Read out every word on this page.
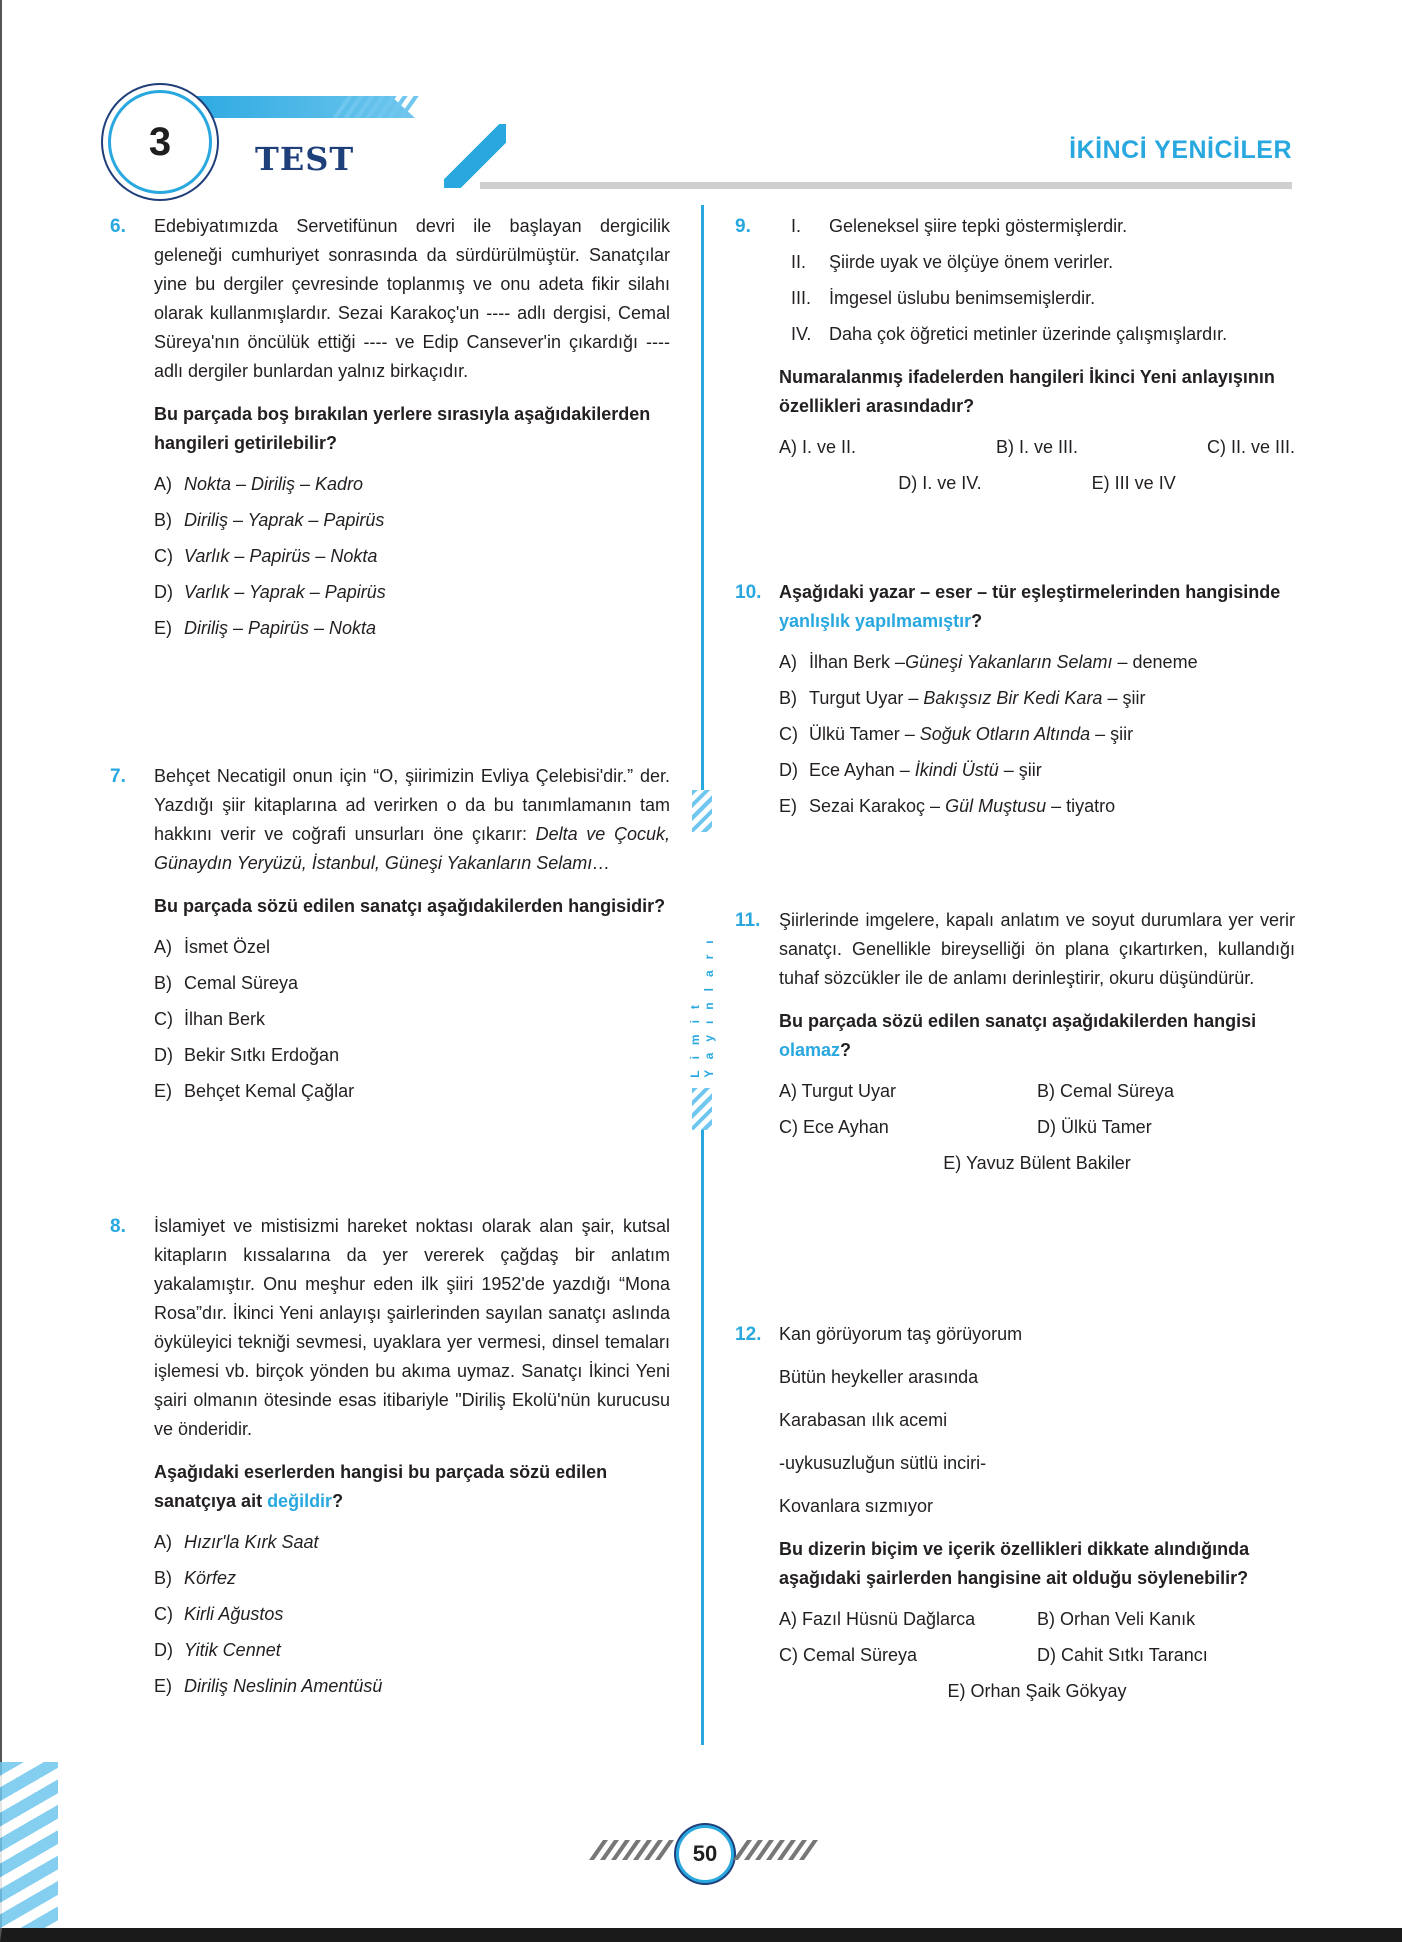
3	TEST	İKİNCİ YENİCİLER
Limit Yayınları
6. Edebiyatımızda Servetifünun devri ile başlayan dergicilik geleneği cumhuriyet sonrasında da sürdürülmüştür. Sanatçılar yine bu dergiler çevresinde toplanmış ve onu adeta fikir silahı olarak kullanmışlardır. Sezai Karakoç'un ---- adlı dergisi, Cemal Süreya'nın öncülük ettiği ---- ve Edip Cansever'in çıkardığı ---- adlı dergiler bunlardan yalnız birkaçıdır.

Bu parçada boş bırakılan yerlere sırasıyla aşağıdakilerden hangileri getirilebilir?

A) Nokta – Diriliş – Kadro
B) Diriliş – Yaprak – Papirüs
C) Varlık – Papirüs – Nokta
D) Varlık – Yaprak – Papirüs
E) Diriliş – Papirüs – Nokta
7. Behçet Necatigil onun için “O, şiirimizin Evliya Çelebisi'dir.” der. Yazdığı şiir kitaplarına ad verirken o da bu tanımlamanın tam hakkını verir ve coğrafi unsurları öne çıkarır: Delta ve Çocuk, Günaydın Yeryüzü, İstanbul, Güneşi Yakanların Selamı…

Bu parçada sözü edilen sanatçı aşağıdakilerden hangisidir?

A) İsmet Özel
B) Cemal Süreya
C) İlhan Berk
D) Bekir Sıtkı Erdoğan
E) Behçet Kemal Çağlar
8. İslamiyet ve mistisizmi hareket noktası olarak alan şair, kutsal kitapların kıssalarına da yer vererek çağdaş bir anlatım yakalamıştır. Onu meşhur eden ilk şiiri 1952'de yazdığı “Mona Rosa”dır. İkinci Yeni anlayışı şairlerinden sayılan sanatçı aslında öyküleyici tekniği sevmesi, uyaklara yer vermesi, dinsel temaları işlemesi vb. birçok yönden bu akıma uymaz. Sanatçı İkinci Yeni şairi olmanın ötesinde esas itibariyle "Diriliş Ekolü'nün kurucusu ve önderidir.

Aşağıdaki eserlerden hangisi bu parçada sözü edilen sanatçıya ait değildir?

A) Hızır'la Kırk Saat
B) Körfez
C) Kirli Ağustos
D) Yitik Cennet
E) Diriliş Neslinin Amentüsü
9.	I.	Geleneksel şiire tepki göstermişlerdir.
II.	Şiirde uyak ve ölçüye önem verirler.
III. İmgesel üslubu benimsemişlerdir.
IV. Daha çok öğretici metinler üzerinde çalışmışlardır.

Numaralanmış ifadelerden hangileri İkinci Yeni anlayışının özellikleri arasındadır?

A) I. ve II.	B) I. ve III.	C) II. ve III.
D) I. ve IV.	E) III ve IV
10. Aşağıdaki yazar – eser – tür eşleştirmelerinden hangisinde yanlışlık yapılmamıştır?

A) İlhan Berk – Güneşi Yakanların Selamı – deneme
B) Turgut Uyar – Bakışsız Bir Kedi Kara – şiir
C) Ülkü Tamer – Soğuk Otların Altında – şiir
D) Ece Ayhan – İkindi Üstü – şiir
E) Sezai Karakoç – Gül Muştusu – tiyatro
11. Şiirlerinde imgelere, kapalı anlatım ve soyut durumlara yer verir sanatçı. Genellikle bireyselliği ön plana çıkartırken, kullandığı tuhaf sözcükler ile de anlamı derinleştirir, okuru düşündürür.

Bu parçada sözü edilen sanatçı aşağıdakilerden hangisi olamaz?

A) Turgut Uyar	B) Cemal Süreya
C) Ece Ayhan	D) Ülkü Tamer
E) Yavuz Bülent Bakiler
12. Kan görüyorum taş görüyorum
Bütün heykeller arasında
Karabasan ılık acemi
-uykusuzluğun sütlü inciri-
Kovanlara sızmıyor

Bu dizerin biçim ve içerik özellikleri dikkate alındığında aşağıdaki şairlerden hangisine ait olduğu söylenebilir?

A) Fazıl Hüsnü Dağlarca	B) Orhan Veli Kanık
C) Cemal Süreya	D) Cahit Sıtkı Tarancı
E) Orhan Şaik Gökyay
50
